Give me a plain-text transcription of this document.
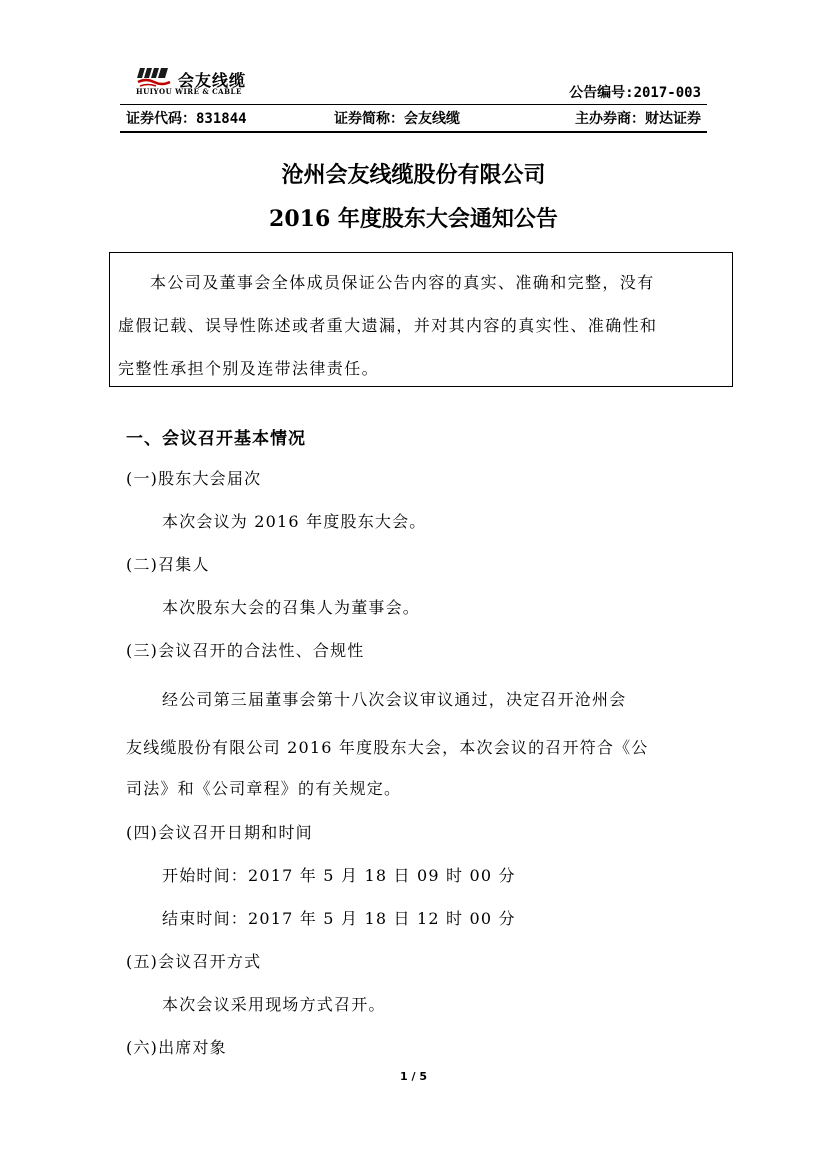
会友线缆
HUIYOU WIRE & CABLE	公告编号:2017-003
证券代码：831844	证券简称：会友线缆	主办券商：财达证券
沧州会友线缆股份有限公司
2016 年度股东大会通知公告
本公司及董事会全体成员保证公告内容的真实、准确和完整，没有
虚假记载、误导性陈述或者重大遗漏，并对其内容的真实性、准确性和
完整性承担个别及连带法律责任。
一、会议召开基本情况
(一)股东大会届次
本次会议为 2016 年度股东大会。
(二)召集人
本次股东大会的召集人为董事会。
(三)会议召开的合法性、合规性
经公司第三届董事会第十八次会议审议通过，决定召开沧州会
友线缆股份有限公司 2016 年度股东大会，本次会议的召开符合《公
司法》和《公司章程》的有关规定。
(四)会议召开日期和时间
开始时间：2017 年 5 月 18 日 09 时 00 分
结束时间：2017 年 5 月 18 日 12 时 00 分
(五)会议召开方式
本次会议采用现场方式召开。
(六)出席对象
1 / 5
